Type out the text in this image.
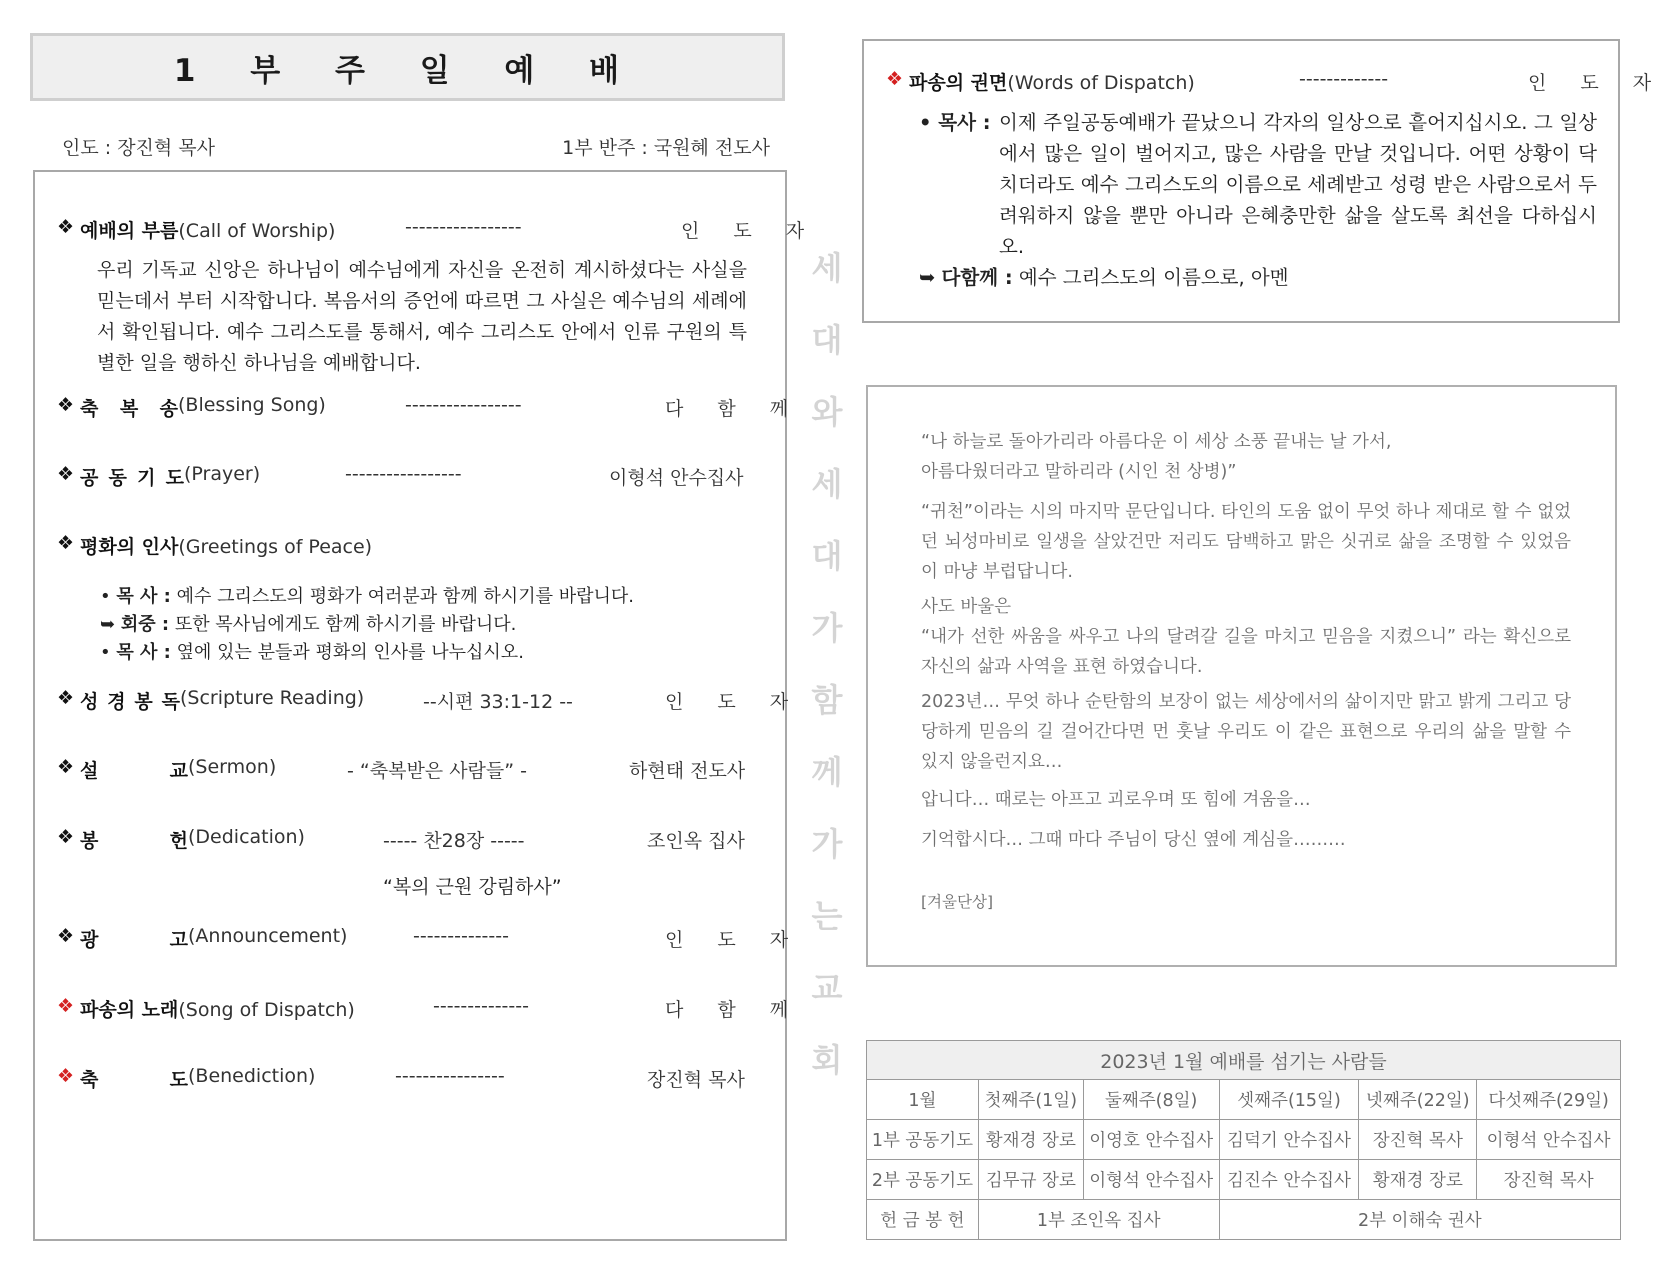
1 부 주 일 예 배
인도 : 장진혁 목사	1부 반주 : 국원혜 전도사
❖ 예배의 부름(Call of Worship)	-----------------	인 도 자
우리 기독교 신앙은 하나님이 예수님에게 자신을 온전히 계시하셨다는 사실을 믿는데서 부터 시작합니다. 복음서의 증언에 따르면 그 사실은 예수님의 세례에서 확인됩니다. 예수 그리스도를 통해서, 예수 그리스도 안에서 인류 구원의 특별한 일을 행하신 하나님을 예배합니다.
❖ 축 복 송 (Blessing Song)	-----------------	다 함 께
❖ 공 동 기 도 (Prayer)	-----------------	이형석 안수집사
❖ 평화의 인사(Greetings of Peace)
• 목 사 : 예수 그리스도의 평화가 여러분과 함께 하시기를 바랍니다.
➥ 회중 : 또한 목사님에게도 함께 하시기를 바랍니다.
• 목 사 : 옆에 있는 분들과 평화의 인사를 나누십시오.
❖ 성 경 봉 독 (Scripture Reading)	--시편 33:1-12 --	인 도 자
❖ 설	교 (Sermon)	- “축복받은 사람들” -	하현태 전도사
❖ 봉	헌 (Dedication)	----- 찬28장 -----	조인옥 집사
“복의 근원 강림하사”
❖ 광	고 (Announcement)	--------------	인 도 자
❖ 파송의 노래(Song of Dispatch)	--------------	다 함 께
❖ 축	도 (Benediction)	----------------	장진혁 목사
세
대
와
세
대
가
함
께
가
는
교
회
❖ 파송의 권면(Words of Dispatch)	-------------	인 도 자
• 목사 : 이제 주일공동예배가 끝났으니 각자의 일상으로 흩어지십시오. 그 일상에서 많은 일이 벌어지고, 많은 사람을 만날 것입니다. 어떤 상황이 닥치더라도 예수 그리스도의 이름으로 세례받고 성령 받은 사람으로서 두려워하지 않을 뿐만 아니라 은혜충만한 삶을 살도록 최선을 다하십시오.
➥ 다함께 : 예수 그리스도의 이름으로, 아멘
“나 하늘로 돌아가리라 아름다운 이 세상 소풍 끝내는 날 가서,
아름다웠더라고 말하리라 (시인 천 상병)”
“귀천”이라는 시의 마지막 문단입니다. 타인의 도움 없이 무엇 하나 제대로 할 수 없었던 뇌성마비로 일생을 살았건만 저리도 담백하고 맑은 싯귀로 삶을 조명할 수 있었음이 마냥 부럽답니다.
사도 바울은
“내가 선한 싸움을 싸우고 나의 달려갈 길을 마치고 믿음을 지켰으니” 라는 확신으로 자신의 삶과 사역을 표현 하였습니다.
2023년… 무엇 하나 순탄함의 보장이 없는 세상에서의 삶이지만 맑고 밝게 그리고 당당하게 믿음의 길 걸어간다면 먼 훗날 우리도 이 같은 표현으로 우리의 삶을 말할 수 있지 않을런지요…
압니다… 때로는 아프고 괴로우며 또 힘에 겨움을…
기억합시다… 그때 마다 주님이 당신 옆에 계심을………
[겨울단상]
2023년 1월 예배를 섬기는 사람들					
1월	첫째주(1일)	둘째주(8일)	셋째주(15일)	넷째주(22일)	다섯째주(29일)
1부 공동기도	황재경 장로	이영호 안수집사	김덕기 안수집사	장진혁 목사	이형석 안수집사
2부 공동기도	김무규 장로	이형석 안수집사	김진수 안수집사	황재경 장로	장진혁 목사
헌 금 봉 헌	1부 조인옥 집사		2부 이해숙 권사		
